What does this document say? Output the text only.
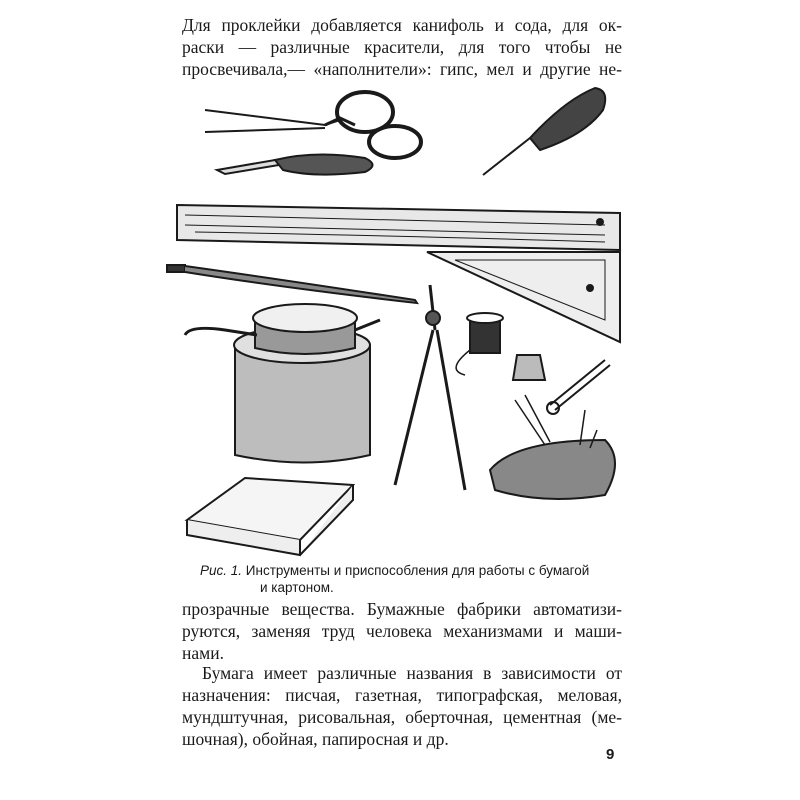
Для проклейки добавляется канифоль и сода, для ок-
раски — различные красители, для того чтобы не
просвечивала,— «наполнители»: гипс, мел и другие не-

Рис. 1. Инструменты и приспособления для работы с бумагой
и картоном.

прозрачные вещества. Бумажные фабрики автоматизи-
руются, заменяя труд человека механизмами и маши-
нами.

Бумага имеет различные названия в зависимости от
назначения: писчая, газетная, типографская, меловая,
мундштучная, рисовальная, оберточная, цементная (ме-
шочная), обойная, папиросная и др.

9
